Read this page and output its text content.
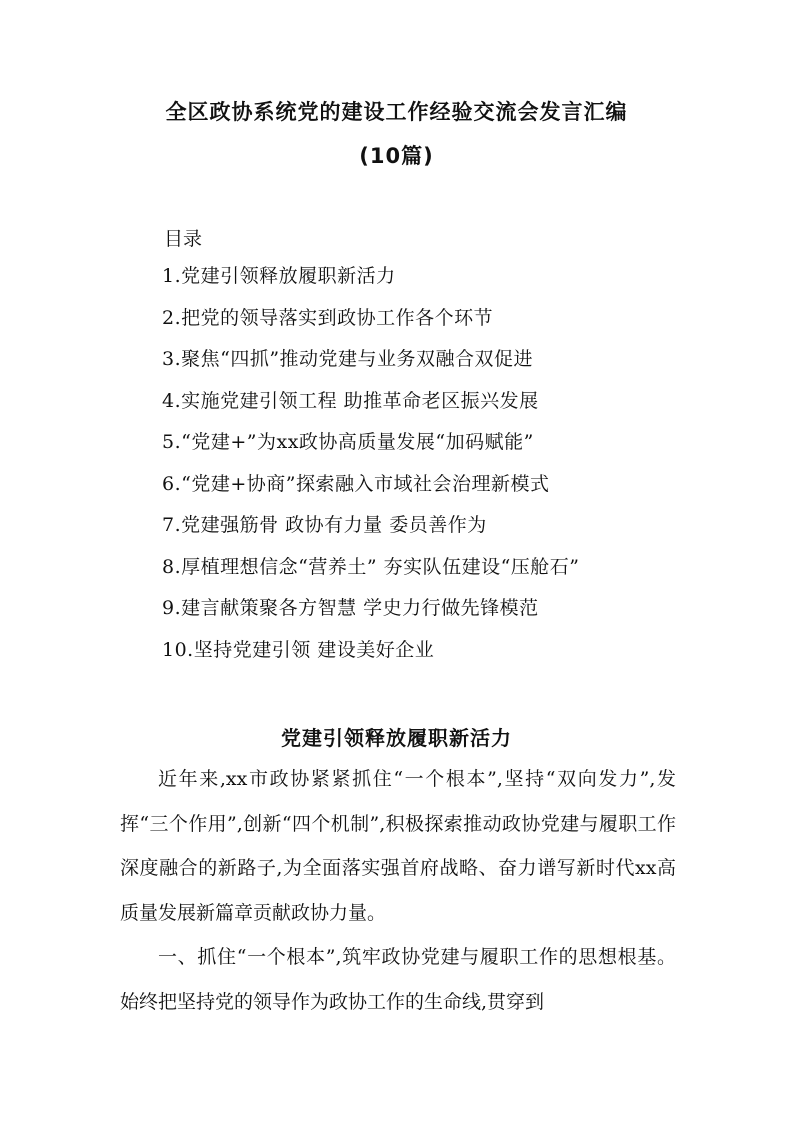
全区政协系统党的建设工作经验交流会发言汇编
(10篇)
目录
1.党建引领释放履职新活力
2.把党的领导落实到政协工作各个环节
3.聚焦“四抓”推动党建与业务双融合双促进
4.实施党建引领工程 助推革命老区振兴发展
5.“党建+”为xx政协高质量发展“加码赋能”
6.“党建+协商”探索融入市域社会治理新模式
7.党建强筋骨 政协有力量 委员善作为
8.厚植理想信念“营养土” 夯实队伍建设“压舱石”
9.建言献策聚各方智慧 学史力行做先锋模范
10.坚持党建引领 建设美好企业
党建引领释放履职新活力

近年来,xx市政协紧紧抓住“一个根本”,坚持“双向发力”,发挥“三个作用”,创新“四个机制”,积极探索推动政协党建与履职工作深度融合的新路子,为全面落实强首府战略、奋力谱写新时代xx高质量发展新篇章贡献政协力量。

一、抓住“一个根本”,筑牢政协党建与履职工作的思想根基。始终把坚持党的领导作为政协工作的生命线,贯穿到
